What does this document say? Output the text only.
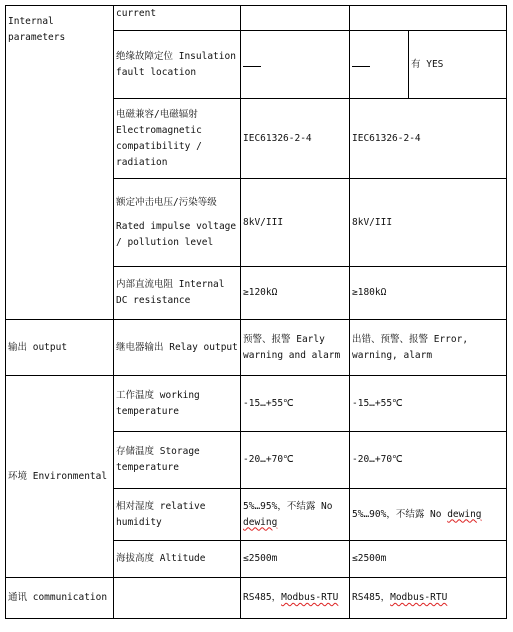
Internal parameters	current			
	绝缘故障定位 Insulation fault location			有 YES

	电磁兼容/电磁辐射
Electromagnetic
compatibility /
radiation	IEC61326-2-4	IEC61326-2-4	

	额定冲击电压/污染等级
Rated impulse voltage / pollution level	8kV/III	8kV/III	
	内部直流电阻 Internal DC resistance	≥120kΩ	≥180kΩ	
输出 output	继电器输出 Relay output	预警、报警 Early warning and alarm	出错、预警、报警 Error, warning, alarm	
环境 Environmental	工作温度 working temperature	-15…+55℃	-15…+55℃	
	存储温度 Storage temperature	-20…+70℃	-20…+70℃	
	相对湿度 relative humidity	5%…95%，不结露 No dewing	5%…90%，不结露 No dewing	
	海拔高度 Altitude	≤2500m	≤2500m	
通讯 communication		RS485，Modbus-RTU	RS485，Modbus-RTU	
